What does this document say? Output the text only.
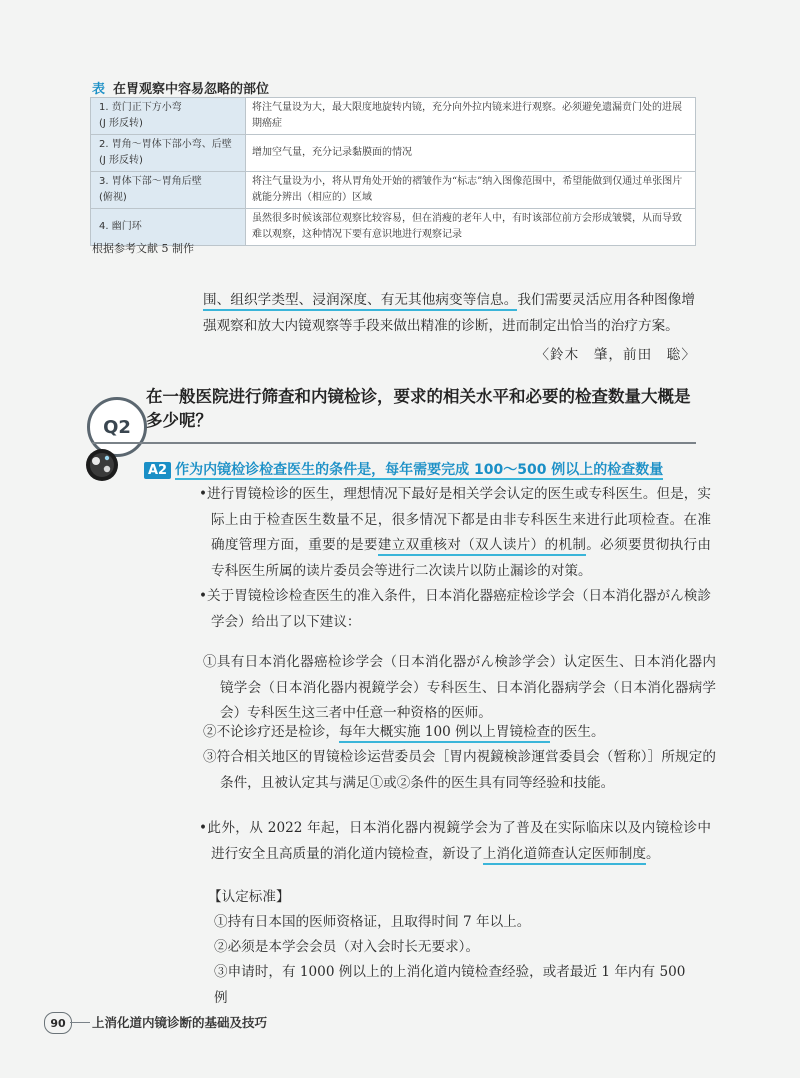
表 在胃观察中容易忽略的部位
1. 贲门正下方小弯
(J 形反转)	将注气量设为大，最大限度地旋转内镜，充分向外拉内镜来进行观察。必须避免遗漏贲门处的进展期癌症
2. 胃角～胃体下部小弯、后壁
(J 形反转)	增加空气量，充分记录黏膜面的情况
3. 胃体下部～胃角后壁
(俯视)	将注气量设为小，将从胃角处开始的褶皱作为“标志”纳入图像范围中，希望能做到仅通过单张图片就能分辨出（相应的）区域
4. 幽门环	虽然很多时候该部位观察比较容易，但在消瘦的老年人中，有时该部位前方会形成皱襞，从而导致难以观察，这种情况下要有意识地进行观察记录
根据参考文献 5 制作
围、组织学类型、浸润深度、有无其他病变等信息。我们需要灵活应用各种图像增强观察和放大内镜观察等手段来做出精准的诊断，进而制定出恰当的治疗方案。
〈鈴木　肇，前田　聡〉
Q2
在一般医院进行筛查和内镜检诊，要求的相关水平和必要的检查数量大概是多少呢？
A2 作为内镜检诊检查医生的条件是，每年需要完成 100～500 例以上的检查数量
•进行胃镜检诊的医生，理想情况下最好是相关学会认定的医生或专科医生。但是，实际上由于检查医生数量不足，很多情况下都是由非专科医生来进行此项检查。在准确度管理方面，重要的是要建立双重核对（双人读片）的机制。必须要贯彻执行由专科医生所属的读片委员会等进行二次读片以防止漏诊的对策。
•关于胃镜检诊检查医生的准入条件，日本消化器癌症检诊学会（日本消化器がん検診学会）给出了以下建议：
①具有日本消化器癌检诊学会（日本消化器がん検診学会）认定医生、日本消化器内镜学会（日本消化器内視鏡学会）专科医生、日本消化器病学会（日本消化器病学会）专科医生这三者中任意一种资格的医师。
②不论诊疗还是检诊，每年大概实施 100 例以上胃镜检查的医生。
③符合相关地区的胃镜检诊运营委员会［胃内視鏡検診運営委員会（暂称）］所规定的条件，且被认定其与满足①或②条件的医生具有同等经验和技能。
•此外，从 2022 年起，日本消化器内視鏡学会为了普及在实际临床以及内镜检诊中进行安全且高质量的消化道内镜检查，新设了上消化道筛查认定医师制度。
【认定标准】
①持有日本国的医师资格证，且取得时间 7 年以上。
②必须是本学会会员（对入会时长无要求）。
③申请时，有 1000 例以上的上消化道内镜检查经验，或者最近 1 年内有 500 例
90	上消化道内镜诊断的基础及技巧
